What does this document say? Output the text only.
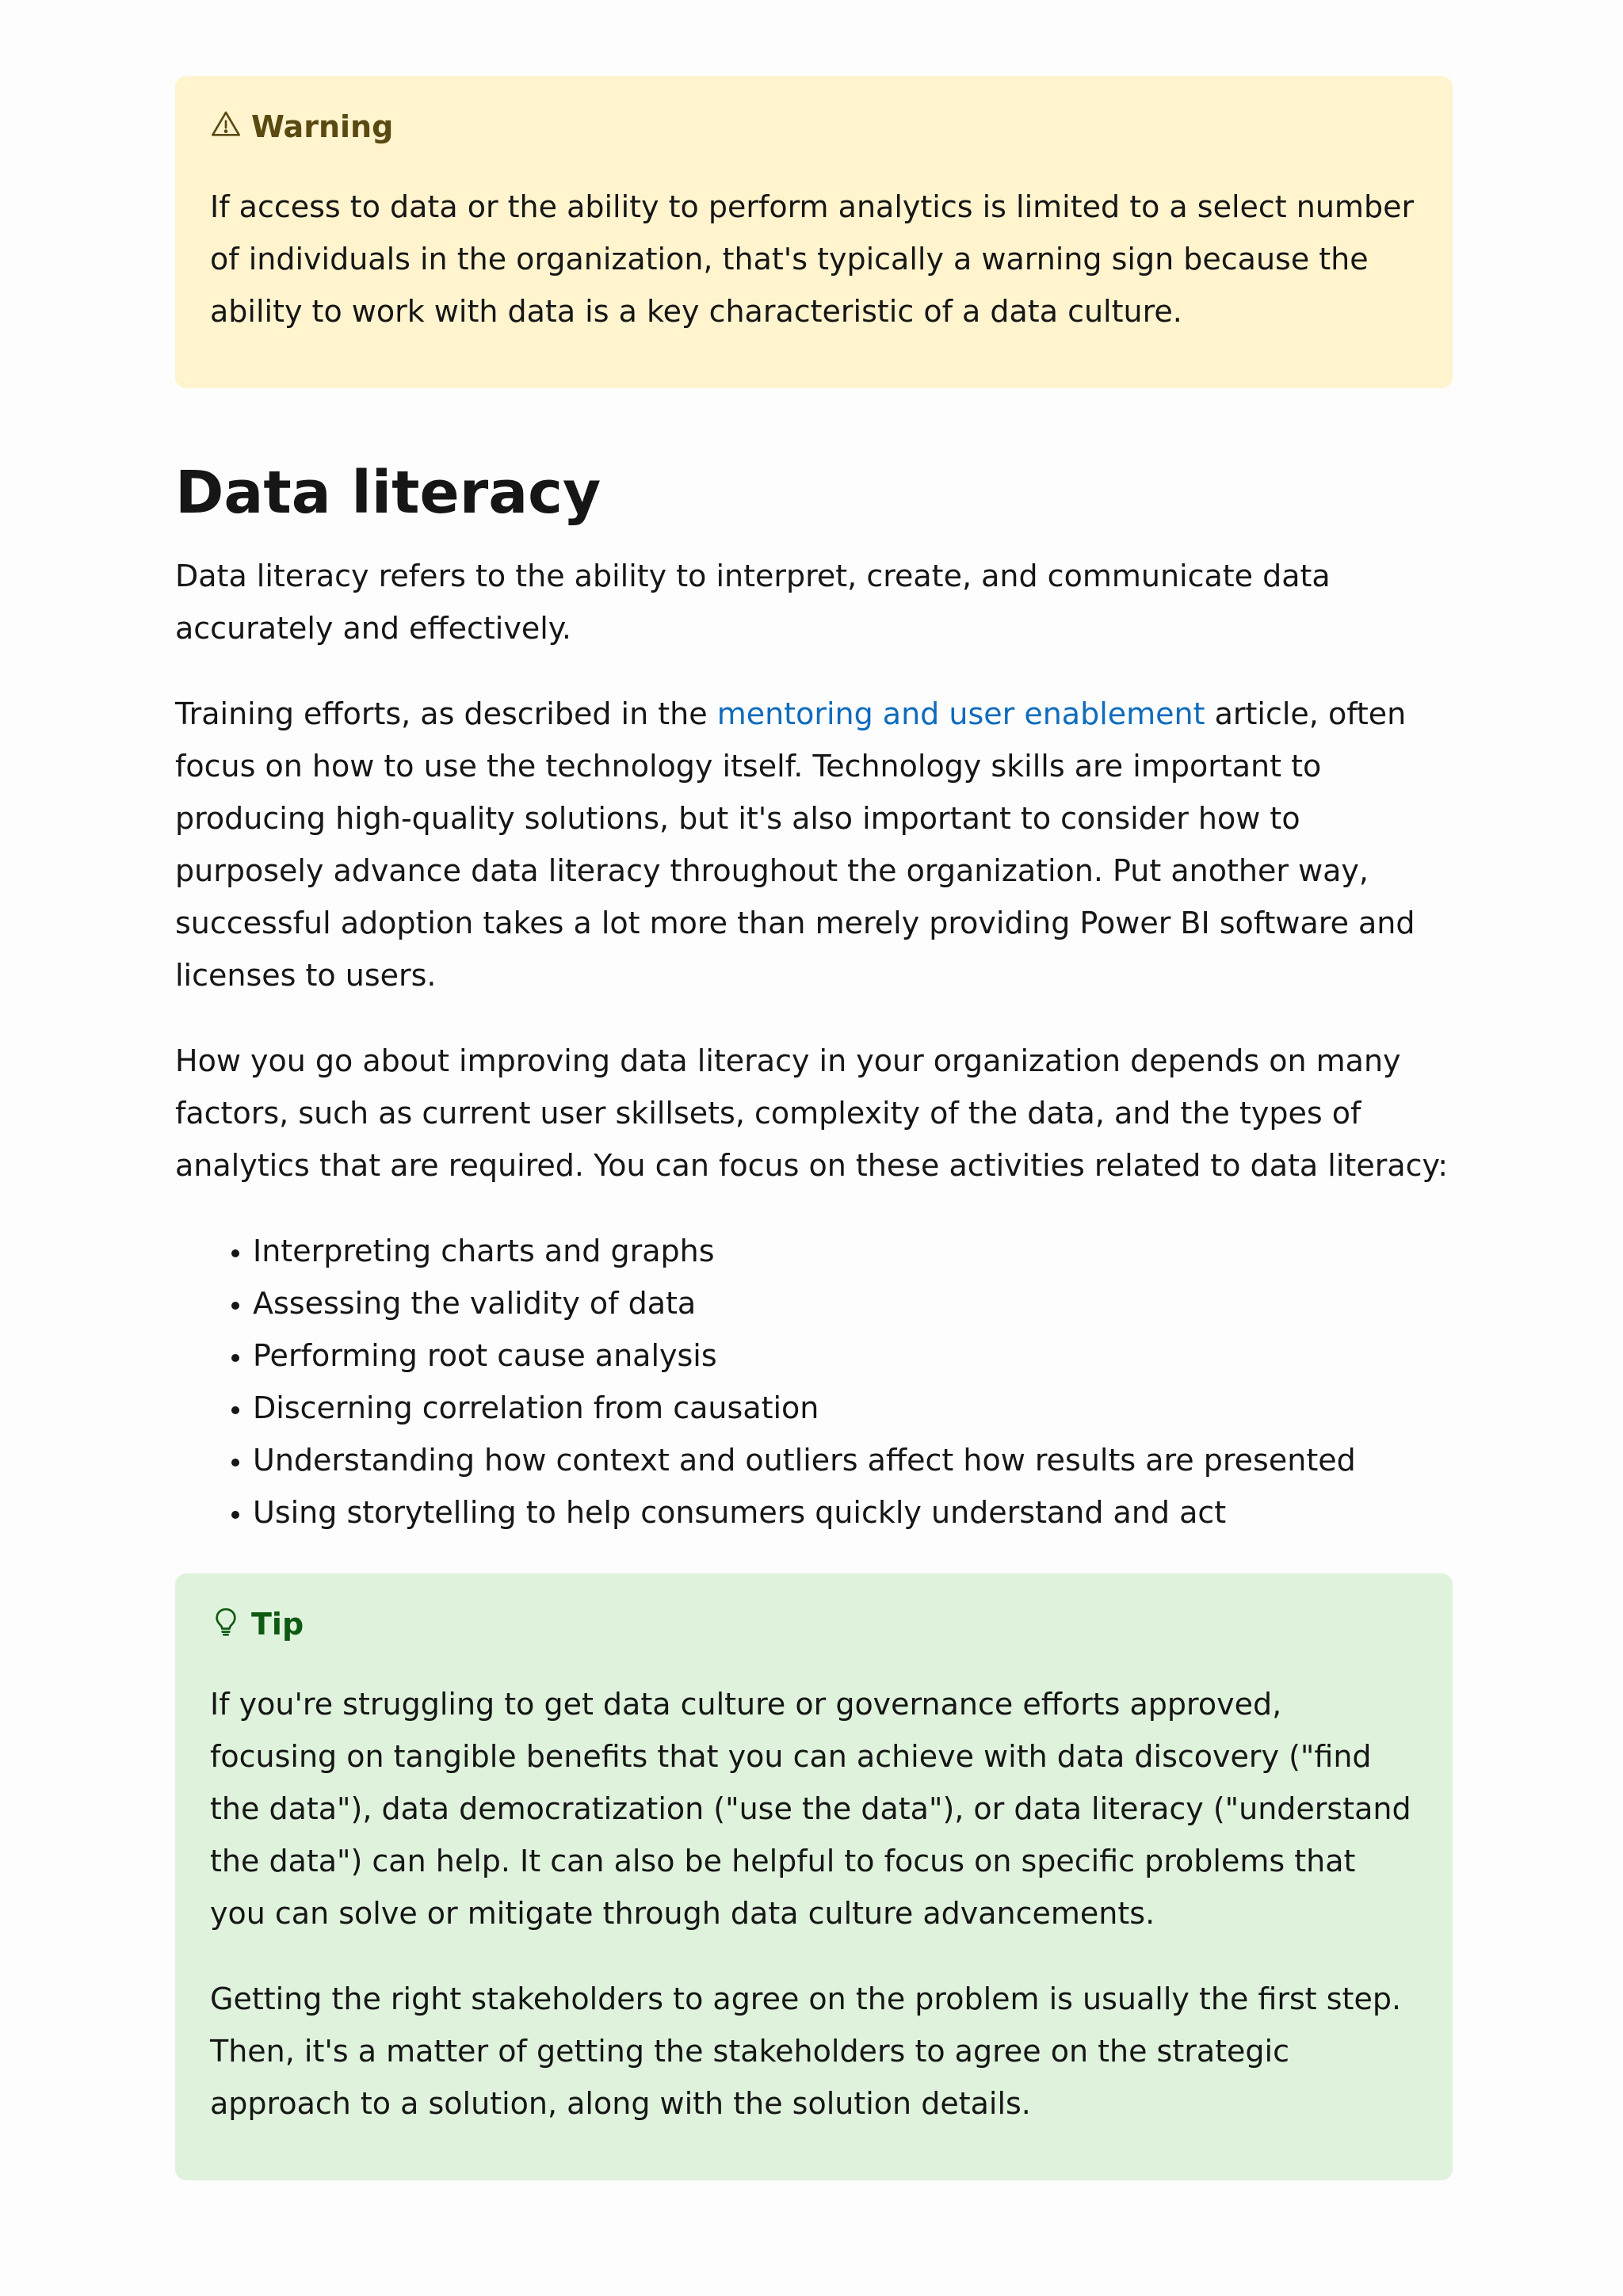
Warning

If access to data or the ability to perform analytics is limited to a select number of individuals in the organization, that's typically a warning sign because the ability to work with data is a key characteristic of a data culture.

Data literacy

Data literacy refers to the ability to interpret, create, and communicate data accurately and effectively.

Training efforts, as described in the mentoring and user enablement article, often focus on how to use the technology itself. Technology skills are important to producing high-quality solutions, but it's also important to consider how to purposely advance data literacy throughout the organization. Put another way, successful adoption takes a lot more than merely providing Power BI software and licenses to users.

How you go about improving data literacy in your organization depends on many factors, such as current user skillsets, complexity of the data, and the types of analytics that are required. You can focus on these activities related to data literacy:

• Interpreting charts and graphs
• Assessing the validity of data
• Performing root cause analysis
• Discerning correlation from causation
• Understanding how context and outliers affect how results are presented
• Using storytelling to help consumers quickly understand and act
Tip

If you're struggling to get data culture or governance efforts approved, focusing on tangible benefits that you can achieve with data discovery ("find the data"), data democratization ("use the data"), or data literacy ("understand the data") can help. It can also be helpful to focus on specific problems that you can solve or mitigate through data culture advancements.

Getting the right stakeholders to agree on the problem is usually the first step. Then, it's a matter of getting the stakeholders to agree on the strategic approach to a solution, along with the solution details.
